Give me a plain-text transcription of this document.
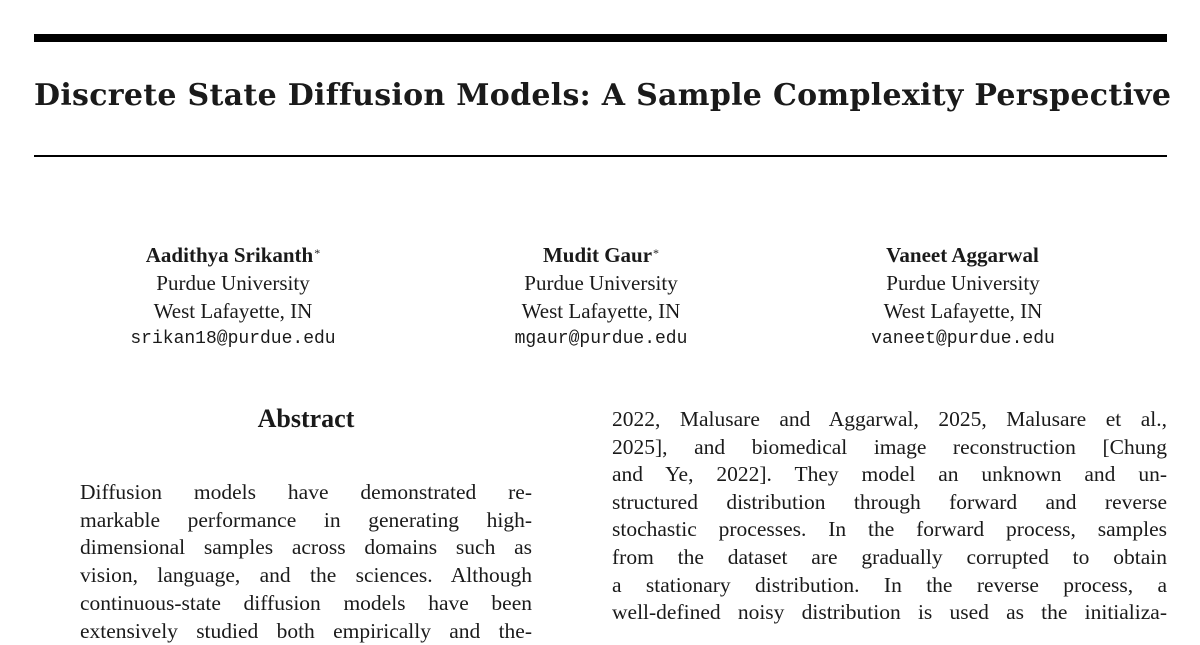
Discrete State Diffusion Models: A Sample Complexity Perspective
Aadithya Srikanth*
Purdue University
West Lafayette, IN
srikan18@purdue.edu
Mudit Gaur*
Purdue University
West Lafayette, IN
mgaur@purdue.edu
Vaneet Aggarwal
Purdue University
West Lafayette, IN
vaneet@purdue.edu
Abstract
Diffusion models have demonstrated re-
markable performance in generating high-
dimensional samples across domains such as
vision, language, and the sciences. Although
continuous-state diffusion models have been
extensively studied both empirically and the-
2022, Malusare and Aggarwal, 2025, Malusare et al.,
2025], and biomedical image reconstruction [Chung
and Ye, 2022]. They model an unknown and un-
structured distribution through forward and reverse
stochastic processes. In the forward process, samples
from the dataset are gradually corrupted to obtain
a stationary distribution. In the reverse process, a
well-defined noisy distribution is used as the initializa-
